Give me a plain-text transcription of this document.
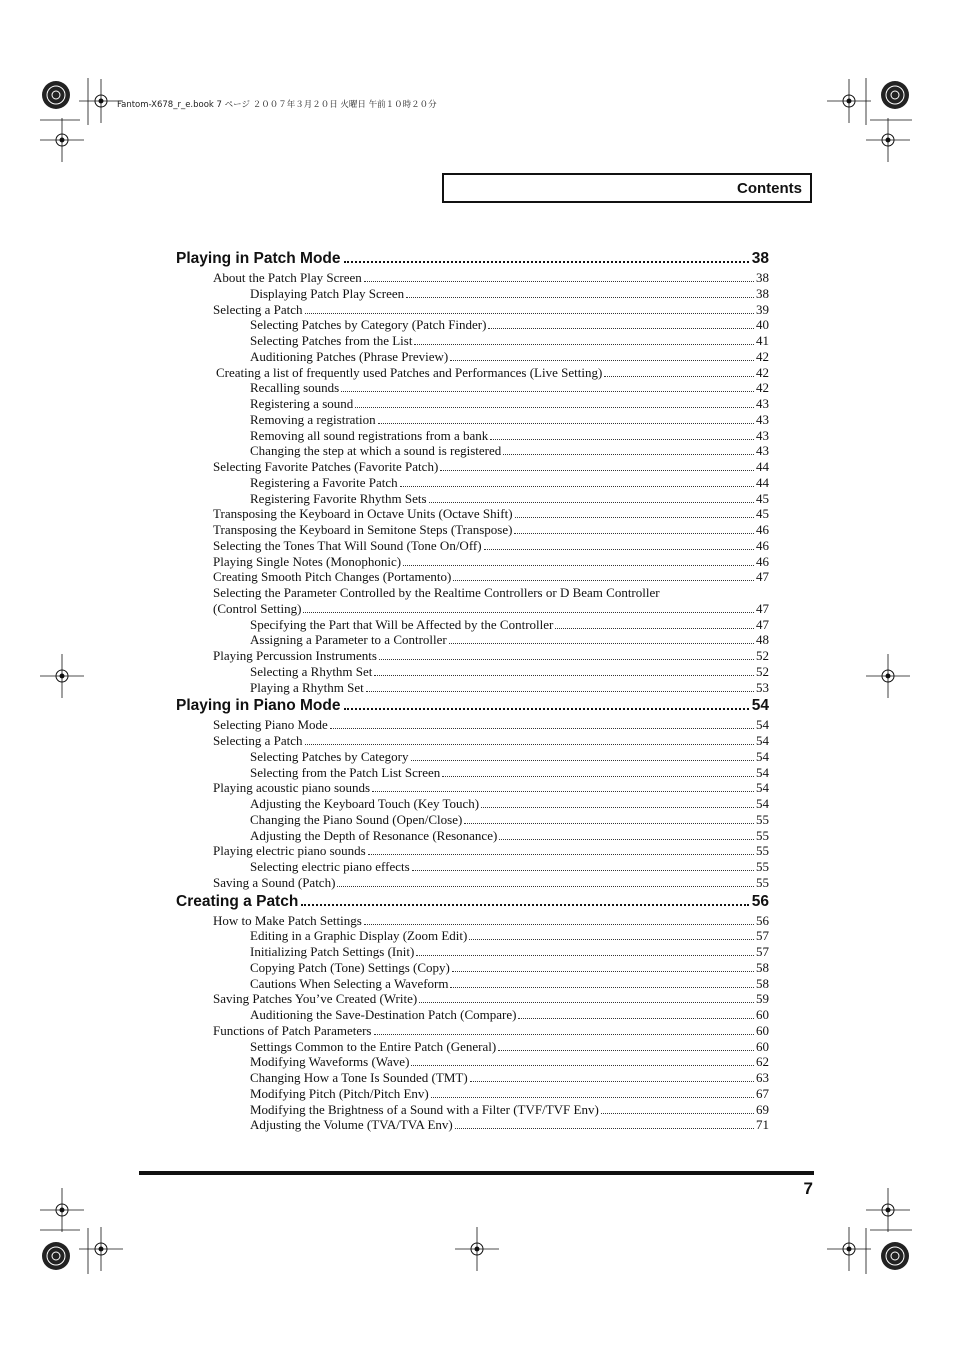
Fantom-X678_r_e.book 7 ページ ２００７年３月２０日 火曜日 午前１０時２０分
Contents
Playing in Patch Mode	38
About the Patch Play Screen	38
Displaying Patch Play Screen	38
Selecting a Patch	39
Selecting Patches by Category (Patch Finder)	40
Selecting Patches from the List	41
Auditioning Patches (Phrase Preview)	42
Creating a list of frequently used Patches and Performances (Live Setting)	42
Recalling sounds	42
Registering a sound	43
Removing a registration	43
Removing all sound registrations from a bank	43
Changing the step at which a sound is registered	43
Selecting Favorite Patches (Favorite Patch)	44
Registering a Favorite Patch	44
Registering Favorite Rhythm Sets	45
Transposing the Keyboard in Octave Units (Octave Shift)	45
Transposing the Keyboard in Semitone Steps (Transpose)	46
Selecting the Tones That Will Sound (Tone On/Off)	46
Playing Single Notes (Monophonic)	46
Creating Smooth Pitch Changes (Portamento)	47
Selecting the Parameter Controlled by the Realtime Controllers or D Beam Controller
(Control Setting)	47
Specifying the Part that Will be Affected by the Controller	47
Assigning a Parameter to a Controller	48
Playing Percussion Instruments	52
Selecting a Rhythm Set	52
Playing a Rhythm Set	53
Playing in Piano Mode	54
Selecting Piano Mode	54
Selecting a Patch	54
Selecting Patches by Category	54
Selecting from the Patch List Screen	54
Playing acoustic piano sounds	54
Adjusting the Keyboard Touch (Key Touch)	54
Changing the Piano Sound (Open/Close)	55
Adjusting the Depth of Resonance (Resonance)	55
Playing electric piano sounds	55
Selecting electric piano effects	55
Saving a Sound (Patch)	55
Creating a Patch	56
How to Make Patch Settings	56
Editing in a Graphic Display (Zoom Edit)	57
Initializing Patch Settings (Init)	57
Copying Patch (Tone) Settings (Copy)	58
Cautions When Selecting a Waveform	58
Saving Patches You’ve Created (Write)	59
Auditioning the Save-Destination Patch (Compare)	60
Functions of Patch Parameters	60
Settings Common to the Entire Patch (General)	60
Modifying Waveforms (Wave)	62
Changing How a Tone Is Sounded (TMT)	63
Modifying Pitch (Pitch/Pitch Env)	67
Modifying the Brightness of a Sound with a Filter (TVF/TVF Env)	69
Adjusting the Volume (TVA/TVA Env)	71
7
